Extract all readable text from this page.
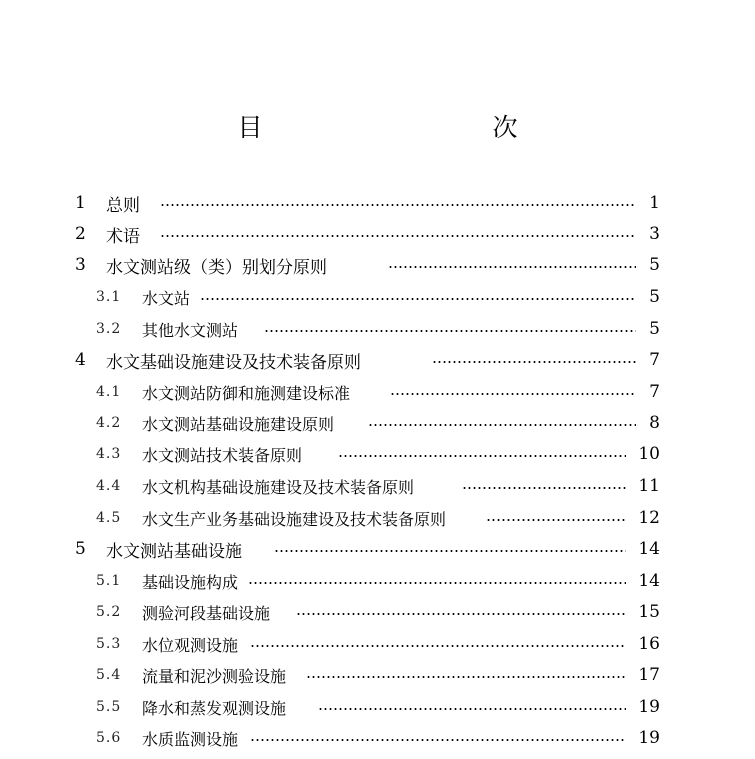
目　　次
1 总则	1
2 术语	3
3 水文测站级（类）别划分原则	5
3.1 水文站	5
3.2 其他水文测站	5
4 水文基础设施建设及技术装备原则	7
4.1 水文测站防御和施测建设标准	7
4.2 水文测站基础设施建设原则	8
4.3 水文测站技术装备原则	10
4.4 水文机构基础设施建设及技术装备原则	11
4.5 水文生产业务基础设施建设及技术装备原则	12
5 水文测站基础设施	14
5.1 基础设施构成	14
5.2 测验河段基础设施	15
5.3 水位观测设施	16
5.4 流量和泥沙测验设施	17
5.5 降水和蒸发观测设施	19
5.6 水质监测设施	19
